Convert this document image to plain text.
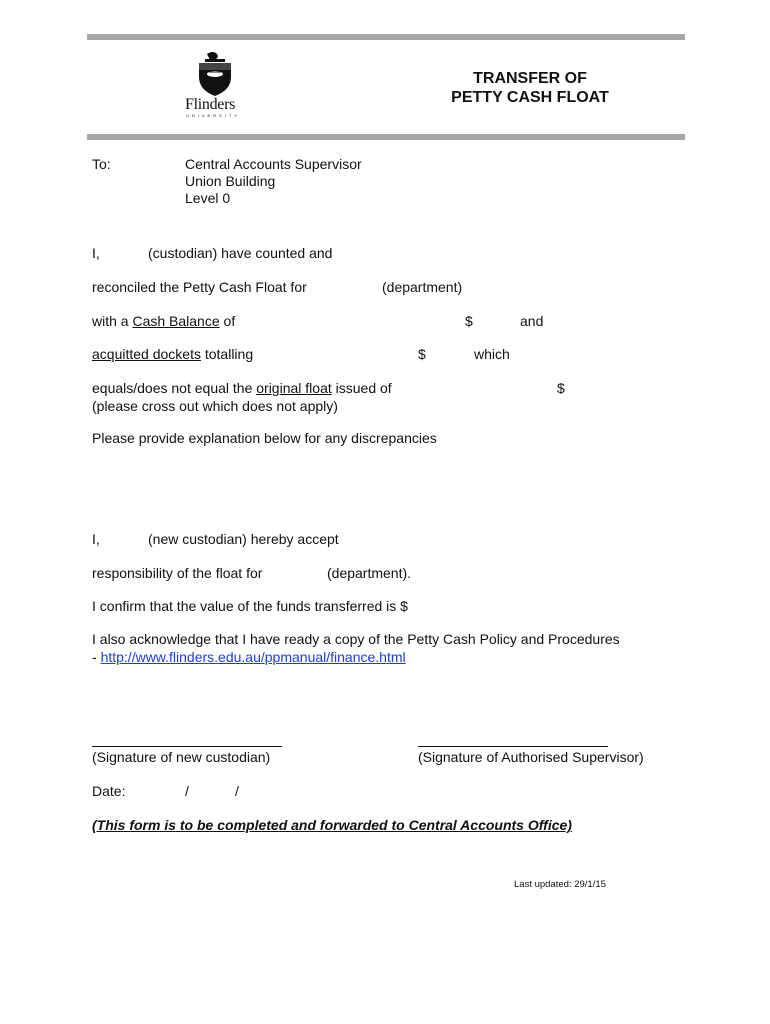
Flinders
UNIVERSITY
TRANSFER OF
PETTY CASH FLOAT
To:	Central Accounts Supervisor
Union Building
Level 0
I,	(custodian) have counted and
reconciled the Petty Cash Float for	(department)
with a Cash Balance of	$	and
acquitted dockets totalling	$	which
equals/does not equal the original float issued of	$
(please cross out which does not apply)
Please provide explanation below for any discrepancies
I,	(new custodian) hereby accept
responsibility of the float for	(department).
I confirm that the value of the funds transferred is $
I also acknowledge that I have ready a copy of the Petty Cash Policy and Procedures
- http://www.flinders.edu.au/ppmanual/finance.html
(Signature of new custodian)	(Signature of Authorised Supervisor)
Date:	/	/
(This form is to be completed and forwarded to Central Accounts Office)
Last updated: 29/1/15
